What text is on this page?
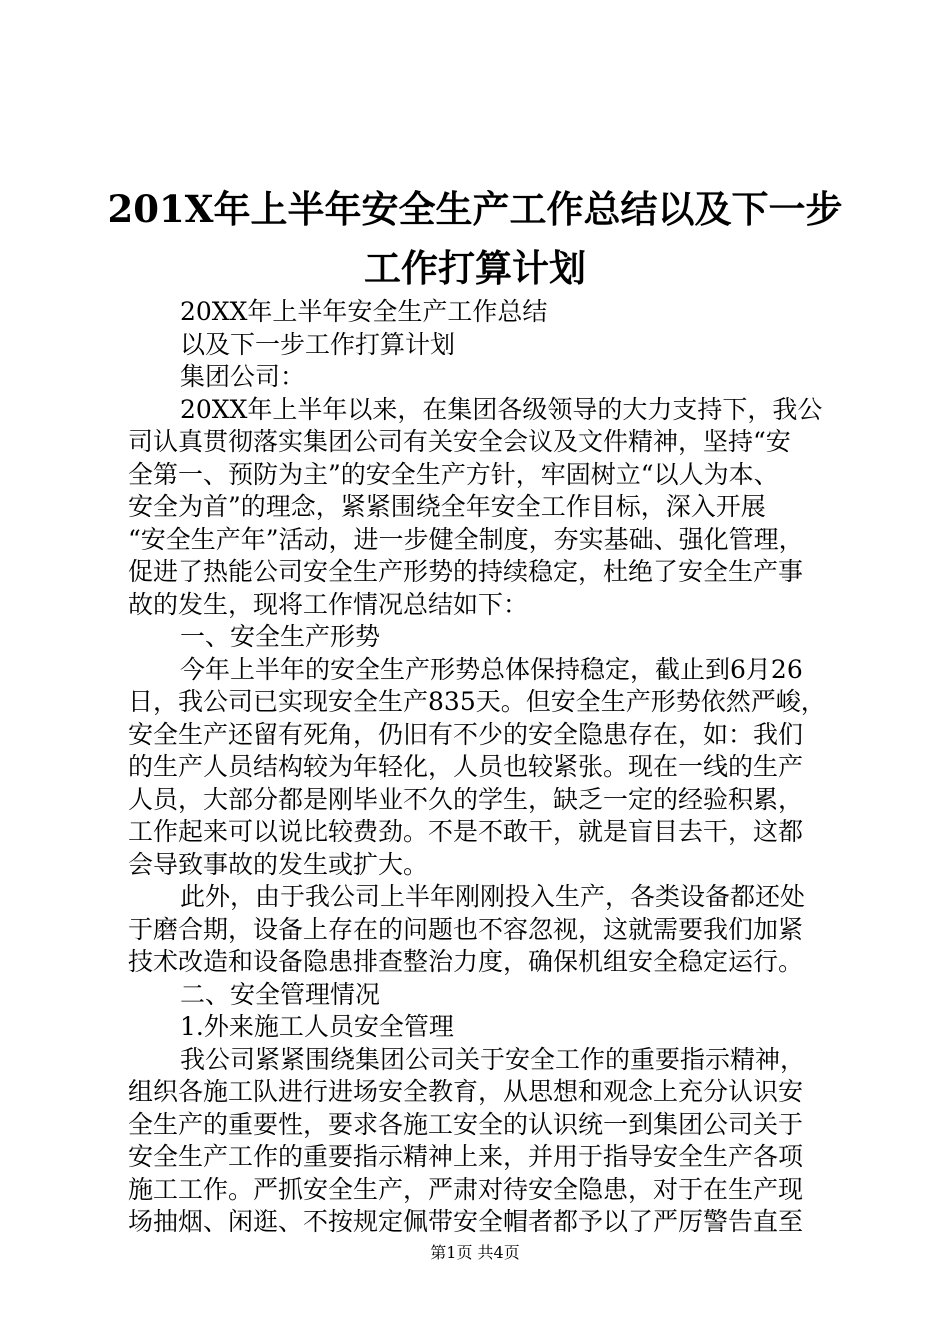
201X年上半年安全生产工作总结以及下一步
工作打算计划
20XX年上半年安全生产工作总结
以及下一步工作打算计划
集团公司：
20XX年上半年以来，在集团各级领导的大力支持下，我公
司认真贯彻落实集团公司有关安全会议及文件精神，坚持“安
全第一、预防为主”的安全生产方针，牢固树立“以人为本、
安全为首”的理念，紧紧围绕全年安全工作目标，深入开展
“安全生产年”活动，进一步健全制度，夯实基础、强化管理，
促进了热能公司安全生产形势的持续稳定，杜绝了安全生产事
故的发生，现将工作情况总结如下：
一、安全生产形势
今年上半年的安全生产形势总体保持稳定，截止到6月26
日，我公司已实现安全生产835天。但安全生产形势依然严峻，
安全生产还留有死角，仍旧有不少的安全隐患存在，如：我们
的生产人员结构较为年轻化，人员也较紧张。现在一线的生产
人员，大部分都是刚毕业不久的学生，缺乏一定的经验积累，
工作起来可以说比较费劲。不是不敢干，就是盲目去干，这都
会导致事故的发生或扩大。
此外，由于我公司上半年刚刚投入生产，各类设备都还处
于磨合期，设备上存在的问题也不容忽视，这就需要我们加紧
技术改造和设备隐患排查整治力度，确保机组安全稳定运行。
二、安全管理情况
1.外来施工人员安全管理
我公司紧紧围绕集团公司关于安全工作的重要指示精神，
组织各施工队进行进场安全教育，从思想和观念上充分认识安
全生产的重要性，要求各施工安全的认识统一到集团公司关于
安全生产工作的重要指示精神上来，并用于指导安全生产各项
施工工作。严抓安全生产，严肃对待安全隐患，对于在生产现
场抽烟、闲逛、不按规定佩带安全帽者都予以了严厉警告直至
第1页 共4页
